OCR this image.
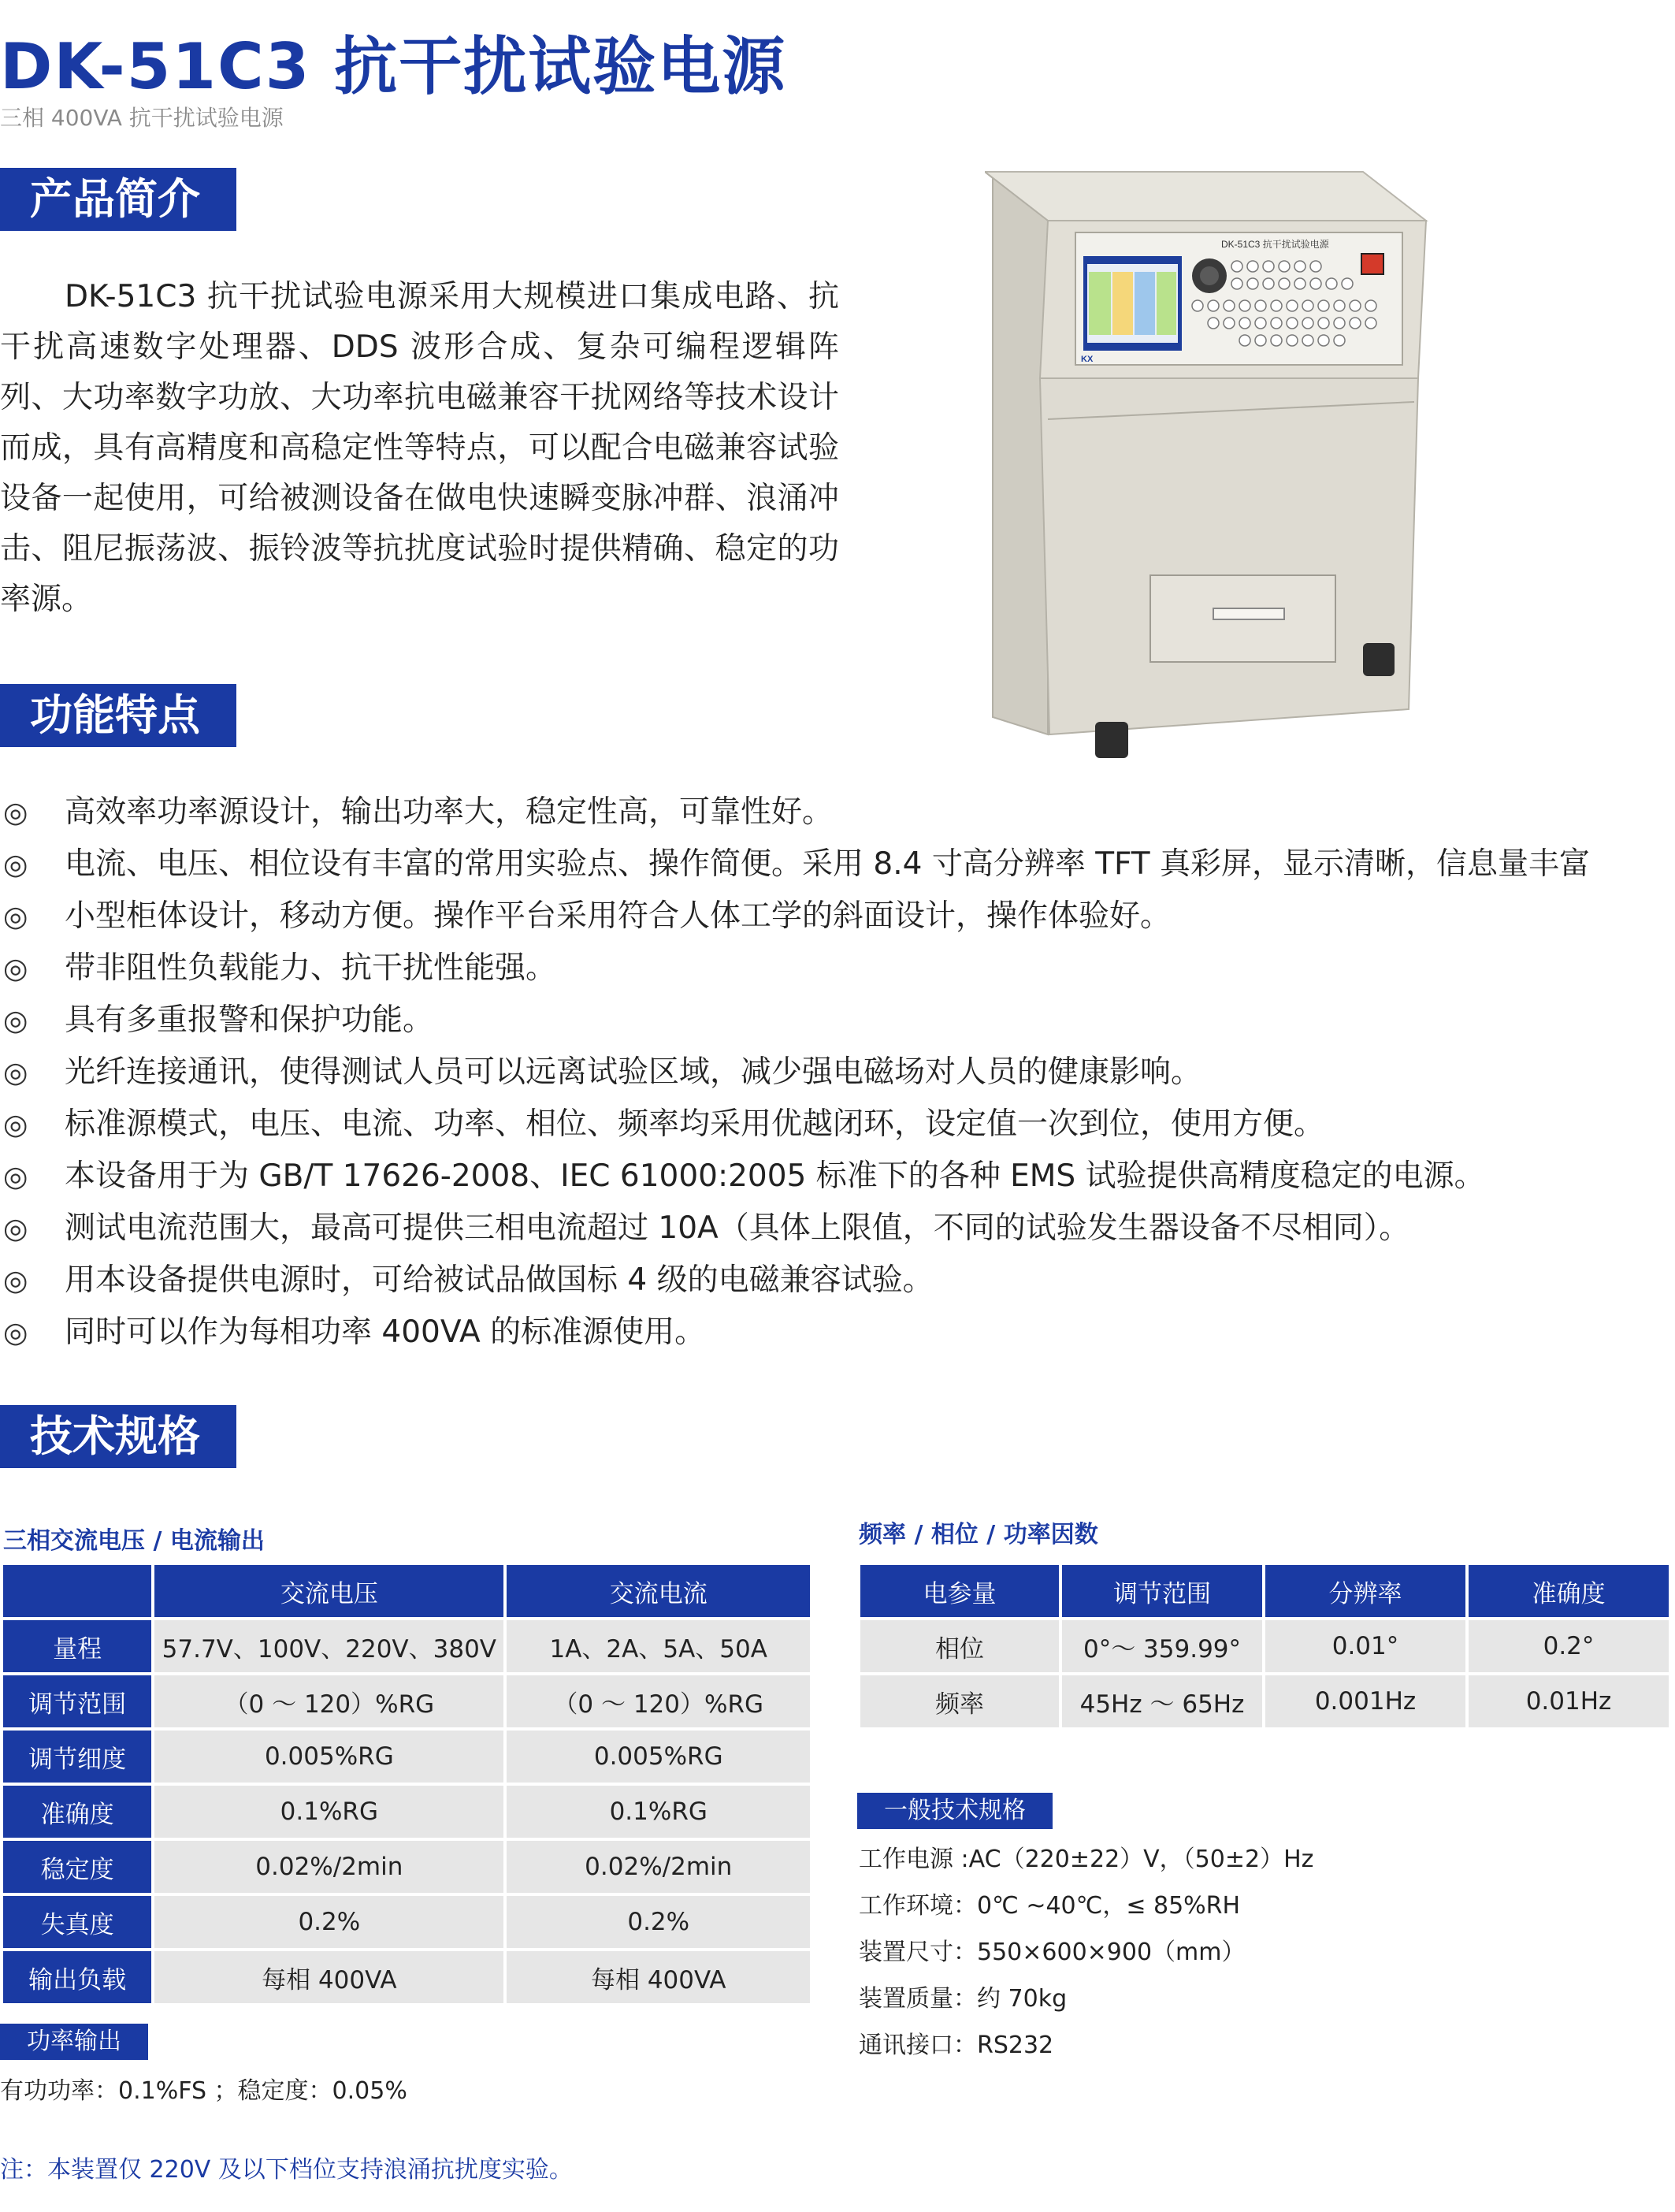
DK-51C3 抗干扰试验电源
三相 400VA 抗干扰试验电源
产品简介
DK-51C3 抗干扰试验电源采用大规模进口集成电路、抗干扰高速数字处理器、DDS 波形合成、复杂可编程逻辑阵列、大功率数字功放、大功率抗电磁兼容干扰网络等技术设计而成，具有高精度和高稳定性等特点，可以配合电磁兼容试验设备一起使用，可给被测设备在做电快速瞬变脉冲群、浪涌冲击、阻尼振荡波、振铃波等抗扰度试验时提供精确、稳定的功率源。
DK-51C3 抗干扰试验电源
KX
功能特点
◎ 高效率功率源设计，输出功率大，稳定性高，可靠性好。
◎ 电流、电压、相位设有丰富的常用实验点、操作简便。采用 8.4 寸高分辨率 TFT 真彩屏，显示清晰，信息量丰富
◎ 小型柜体设计，移动方便。操作平台采用符合人体工学的斜面设计，操作体验好。
◎ 带非阻性负载能力、抗干扰性能强。
◎ 具有多重报警和保护功能。
◎ 光纤连接通讯，使得测试人员可以远离试验区域，减少强电磁场对人员的健康影响。
◎ 标准源模式，电压、电流、功率、相位、频率均采用优越闭环，设定值一次到位，使用方便。
◎ 本设备用于为 GB/T 17626-2008、IEC 61000:2005 标准下的各种 EMS 试验提供高精度稳定的电源。
◎ 测试电流范围大，最高可提供三相电流超过 10A（具体上限值，不同的试验发生器设备不尽相同）。
◎ 用本设备提供电源时，可给被试品做国标 4 级的电磁兼容试验。
◎ 同时可以作为每相功率 400VA 的标准源使用。
技术规格
三相交流电压 / 电流输出
	交流电压	交流电流
量程	57.7V、100V、220V、380V	1A、2A、5A、50A
调节范围	（0 ～ 120）%RG	（0 ～ 120）%RG
调节细度	0.005%RG	0.005%RG
准确度	0.1%RG	0.1%RG
稳定度	0.02%/2min	0.02%/2min
失真度	0.2%	0.2%
输出负载	每相 400VA	每相 400VA
功率输出
有功功率：0.1%FS ；稳定度：0.05%
注：本装置仅 220V 及以下档位支持浪涌抗扰度实验。
频率 / 相位 / 功率因数
电参量	调节范围	分辨率	准确度
相位	0°～ 359.99°	0.01°	0.2°
频率	45Hz ～ 65Hz	0.001Hz	0.01Hz
一般技术规格
工作电源 :AC（220±22）V，（50±2）Hz
工作环境：0℃ ~40℃，≤ 85%RH
装置尺寸：550×600×900（mm）
装置质量：约 70kg
通讯接口：RS232
